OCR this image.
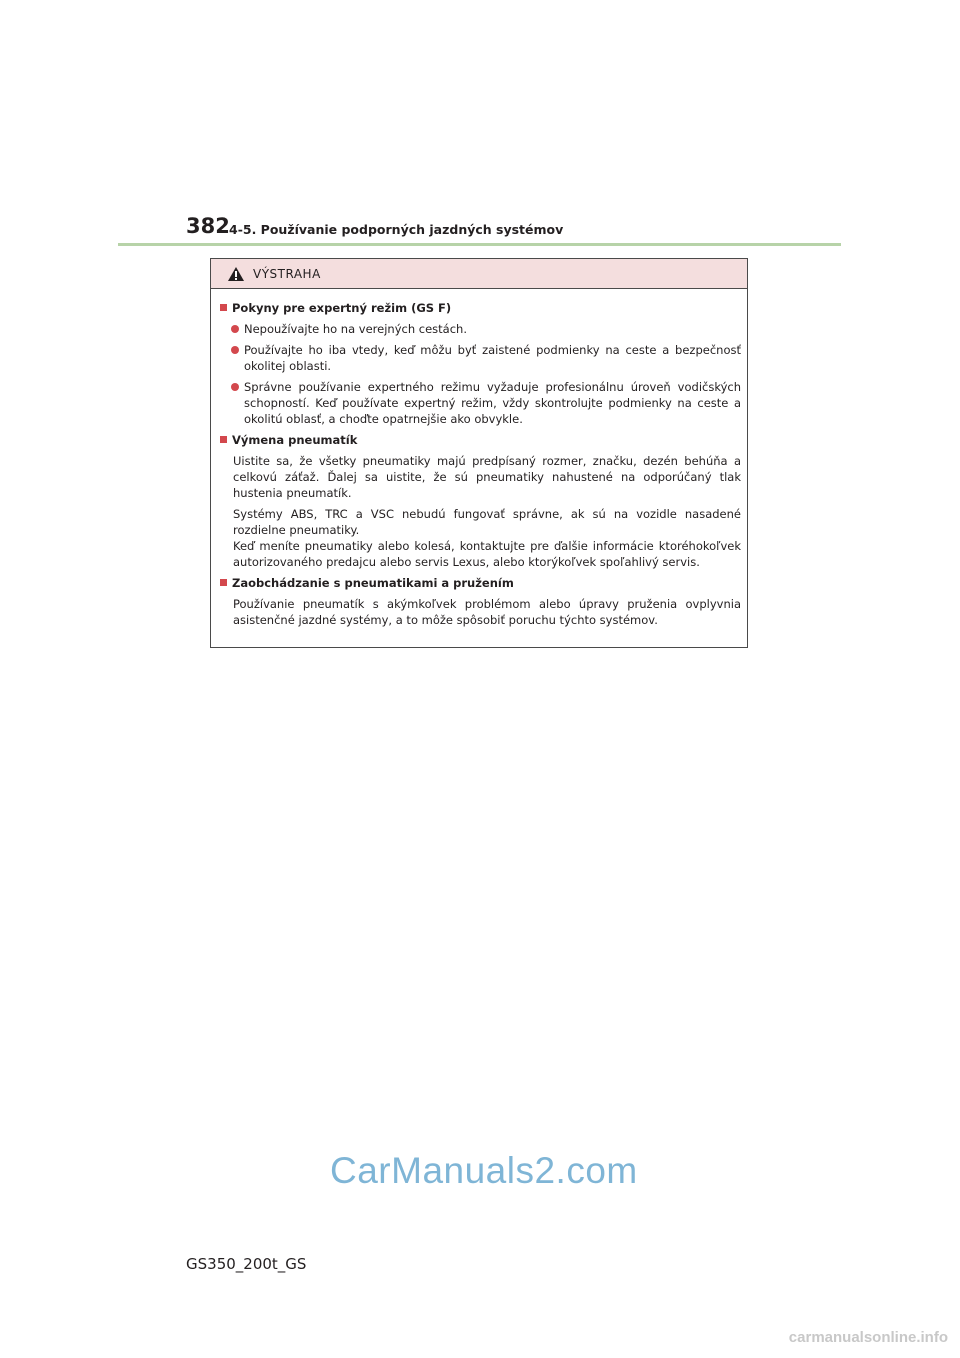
382 4-5. Používanie podporných jazdných systémov
VÝSTRAHA
Pokyny pre expertný režim (GS F)
Nepoužívajte ho na verejných cestách.
Používajte ho iba vtedy, keď môžu byť zaistené podmienky na ceste a bezpečnosť okolitej oblasti.
Správne používanie expertného režimu vyžaduje profesionálnu úroveň vodičských schopností. Keď používate expertný režim, vždy skontrolujte podmienky na ceste a okolitú oblasť, a choďte opatrnejšie ako obvykle.
Výmena pneumatík
Uistite sa, že všetky pneumatiky majú predpísaný rozmer, značku, dezén behúňa a celkovú záťaž. Ďalej sa uistite, že sú pneumatiky nahustené na odporúčaný tlak hustenia pneumatík.
Systémy ABS, TRC a VSC nebudú fungovať správne, ak sú na vozidle nasadené rozdielne pneumatiky.
Keď meníte pneumatiky alebo kolesá, kontaktujte pre ďalšie informácie ktoréhokoľvek autorizovaného predajcu alebo servis Lexus, alebo ktorýkoľvek spoľahlivý servis.
Zaobchádzanie s pneumatikami a pružením
Používanie pneumatík s akýmkoľvek problémom alebo úpravy pruženia ovplyvnia asistenčné jazdné systémy, a to môže spôsobiť poruchu týchto systémov.
CarManuals2.com
GS350_200t_GS
carmanualsonline.info
